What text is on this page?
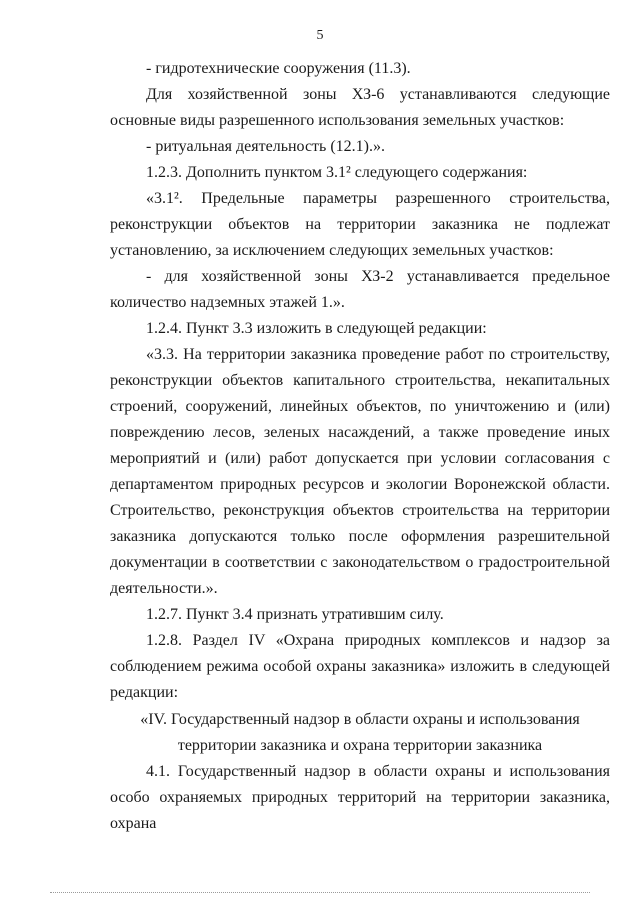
5

- гидротехнические сооружения (11.3).

Для хозяйственной зоны ХЗ-6 устанавливаются следующие основные виды разрешенного использования земельных участков:

- ритуальная деятельность (12.1).».

1.2.3. Дополнить пунктом 3.1² следующего содержания:

«3.1². Предельные параметры разрешенного строительства, реконструкции объектов на территории заказника не подлежат установлению, за исключением следующих земельных участков:

- для хозяйственной зоны ХЗ-2 устанавливается предельное количество надземных этажей 1.».

1.2.4. Пункт 3.3 изложить в следующей редакции:

«3.3. На территории заказника проведение работ по строительству, реконструкции объектов капитального строительства, некапитальных строений, сооружений, линейных объектов, по уничтожению и (или) повреждению лесов, зеленых насаждений, а также проведение иных мероприятий и (или) работ допускается при условии согласования с департаментом природных ресурсов и экологии Воронежской области. Строительство, реконструкция объектов строительства на территории заказника допускаются только после оформления разрешительной документации в соответствии с законодательством о градостроительной деятельности.».

1.2.7. Пункт 3.4 признать утратившим силу.

1.2.8. Раздел IV «Охрана природных комплексов и надзор за соблюдением режима особой охраны заказника» изложить в следующей редакции:

«IV. Государственный надзор в области охраны и использования

территории заказника и охрана территории заказника

4.1. Государственный надзор в области охраны и использования особо охраняемых природных территорий на территории заказника, охрана
